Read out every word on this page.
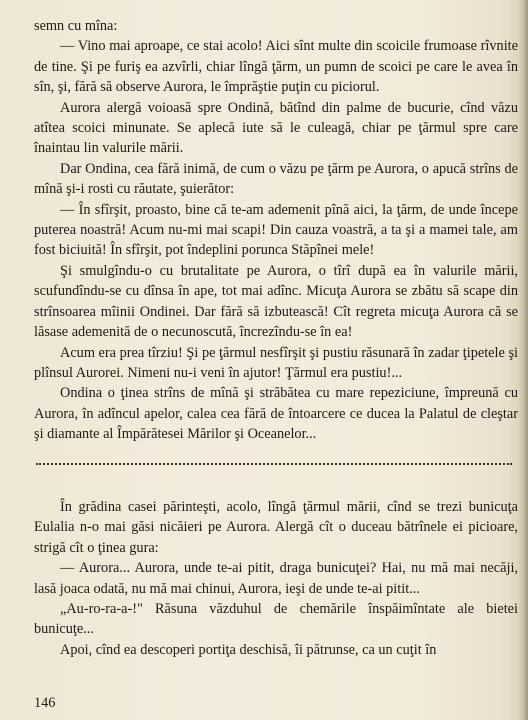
semn cu mîna:

— Vino mai aproape, ce stai acolo! Aici sînt multe din scoicile frumoase rîvnite de tine. Şi pe furiş ea azvîrli, chiar lîngă ţărm, un pumn de scoici pe care le avea în sîn, şi, fără să observe Aurora, le împrăştie puţin cu piciorul.

Aurora alergă voioasă spre Ondină, bătînd din palme de bucurie, cînd văzu atîtea scoici minunate. Se aplecă iute să le culeagă, chiar pe ţărmul spre care înaintau lin valurile mării.

Dar Ondina, cea fără inimă, de cum o văzu pe ţărm pe Aurora, o apucă strîns de mînă şi-i rosti cu răutate, şuierător:

— În sfîrşit, proasto, bine că te-am ademenit pînă aici, la ţărm, de unde începe puterea noastră! Acum nu-mi mai scapi! Din cauza voastră, a ta şi a mamei tale, am fost biciuită! În sfîrşit, pot îndeplini porunca Stăpînei mele!

Şi smulgîndu-o cu brutalitate pe Aurora, o tîrî după ea în valurile mării, scufundîndu-se cu dînsa în ape, tot mai adînc. Micuţa Aurora se zbătu să scape din strînsoarea mîinii Ondinei. Dar fără să izbutească! Cît regreta micuţa Aurora că se lăsase ademenită de o necunoscută, încrezîndu-se în ea!

Acum era prea tîrziu! Şi pe ţărmul nesfîrşit şi pustiu răsunară în zadar ţipetele şi plînsul Aurorei. Nimeni nu-i veni în ajutor! Ţărmul era pustiu!...

Ondina o ţinea strîns de mînă şi străbătea cu mare repeziciune, împreună cu Aurora, în adîncul apelor, calea cea fără de întoarcere ce ducea la Palatul de cleştar şi diamante al Împărătesei Mărilor şi Oceanelor...

În grădina casei părinteşti, acolo, lîngă ţărmul mării, cînd se trezi bunicuţa Eulalia n-o mai găsi nicăieri pe Aurora. Alergă cît o duceau bătrînele ei picioare, strigă cît o ţinea gura:

— Aurora... Aurora, unde te-ai pitit, draga bunicuţei? Hai, nu mă mai necăji, lasă joaca odată, nu mă mai chinui, Aurora, ieşi de unde te-ai pitit...

„Au-ro-ra-a-!" Răsuna văzduhul de chemările înspăimîntate ale bietei bunicuţe...

Apoi, cînd ea descoperi portiţa deschisă, îi pătrunse, ca un cuţit în

146
